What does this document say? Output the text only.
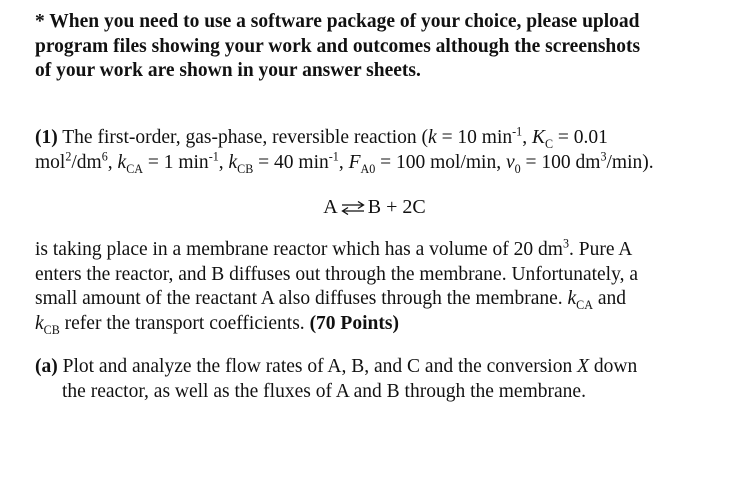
* When you need to use a software package of your choice, please upload
program files showing your work and outcomes although the screenshots
of your work are shown in your answer sheets.
(1) The first-order, gas-phase, reversible reaction (k = 10 $\min^{-1}$, $K_C = 0.01$
$mol^2/dm^6$, $k_{CA} = 1$ $\min^{-1}$, $k_{CB} = 40$ $\min^{-1}$, $F_{A0} = 100$ mol/min, $v_0 = 100$ $dm^3/\min$).
A ⇌ B + 2C
is taking place in a membrane reactor which has a volume of 20 $dm^3$. Pure A
enters the reactor, and B diffuses out through the membrane. Unfortunately, a
small amount of the reactant A also diffuses through the membrane. $k_{CA}$ and
$k_{CB}$ refer the transport coefficients. (70 Points)
(a) Plot and analyze the flow rates of A, B, and C and the conversion X down
the reactor, as well as the fluxes of A and B through the membrane.
